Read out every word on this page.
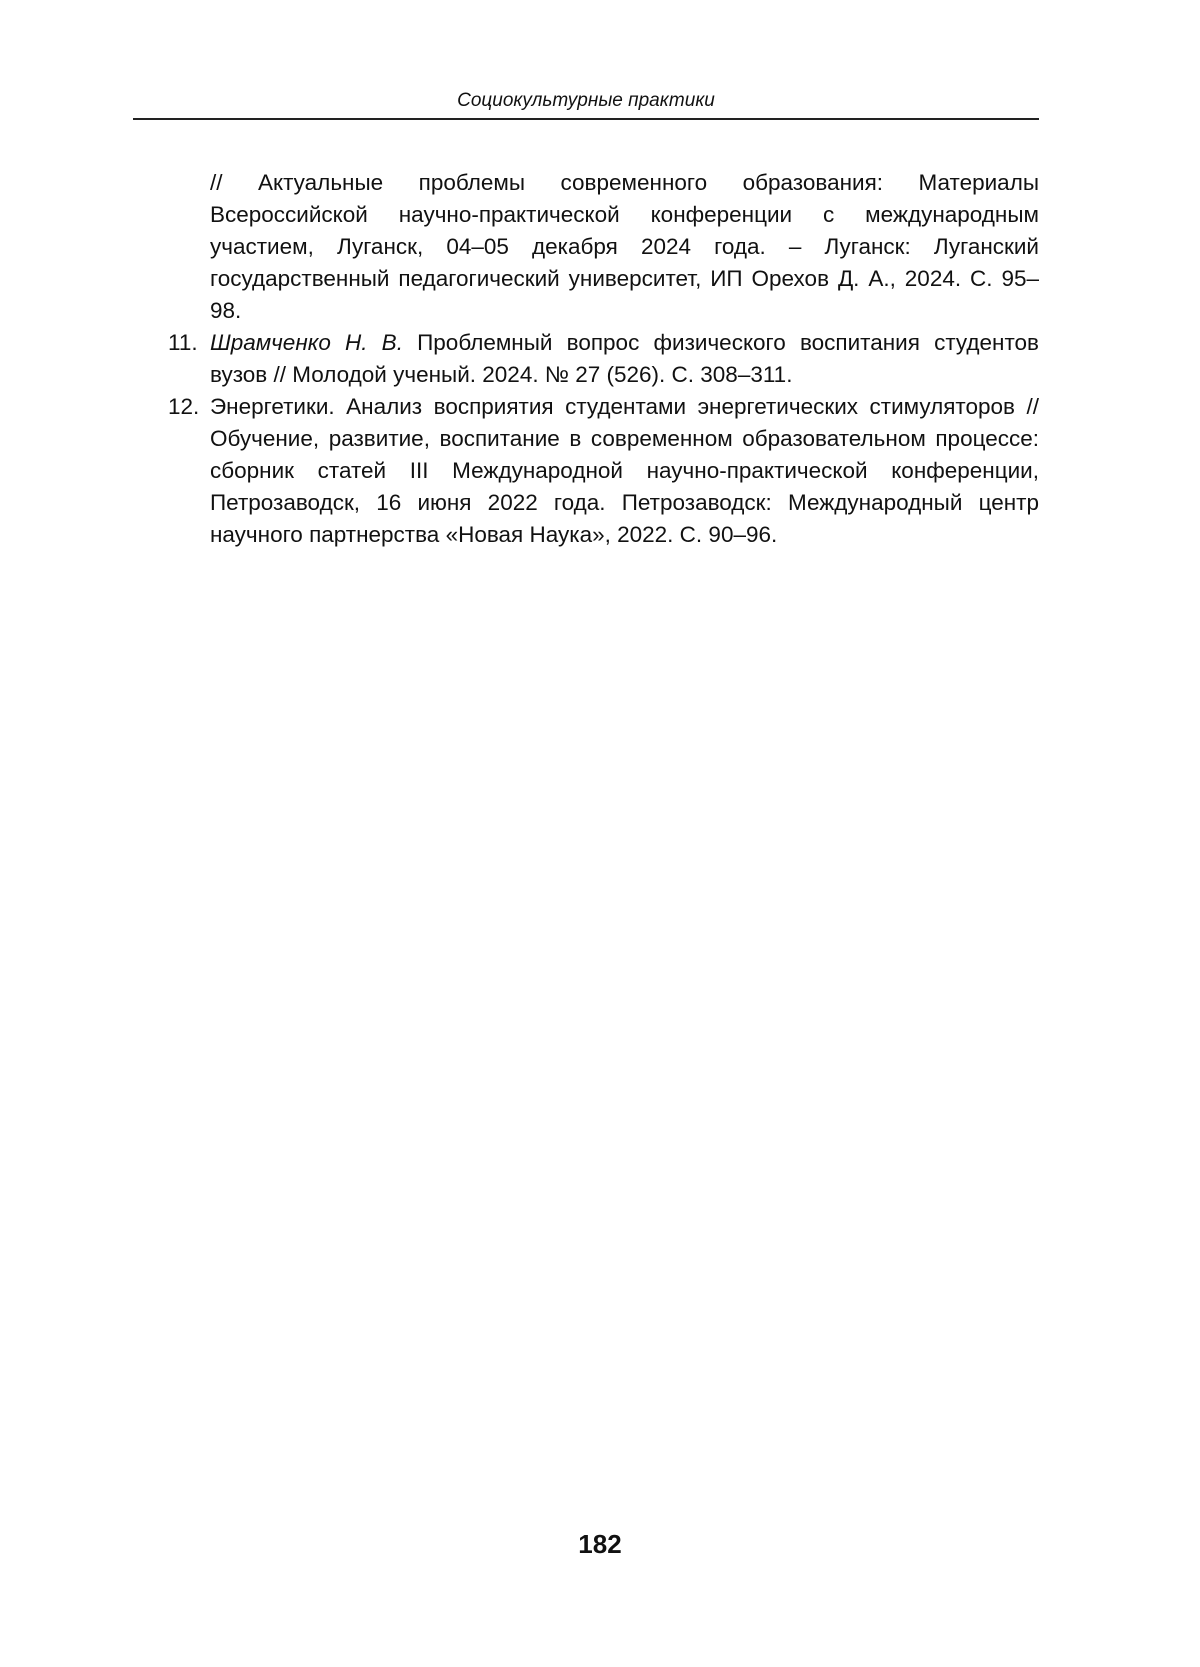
Социокультурные практики
// Актуальные проблемы современного образования: Материалы Всероссийской научно-практической конференции с международным участием, Луганск, 04–05 декабря 2024 года. – Луганск: Луганский государственный педагогический университет, ИП Орехов Д. А., 2024. С. 95–98.
11. Шрамченко Н. В. Проблемный вопрос физического воспитания студентов вузов // Молодой ученый. 2024. № 27 (526). С. 308–311.
12. Энергетики. Анализ восприятия студентами энергетических стимуляторов // Обучение, развитие, воспитание в современном образовательном процессе: сборник статей III Международной научно-практической конференции, Петрозаводск, 16 июня 2022 года. Петрозаводск: Международный центр научного партнерства «Новая Наука», 2022. С. 90–96.
182
